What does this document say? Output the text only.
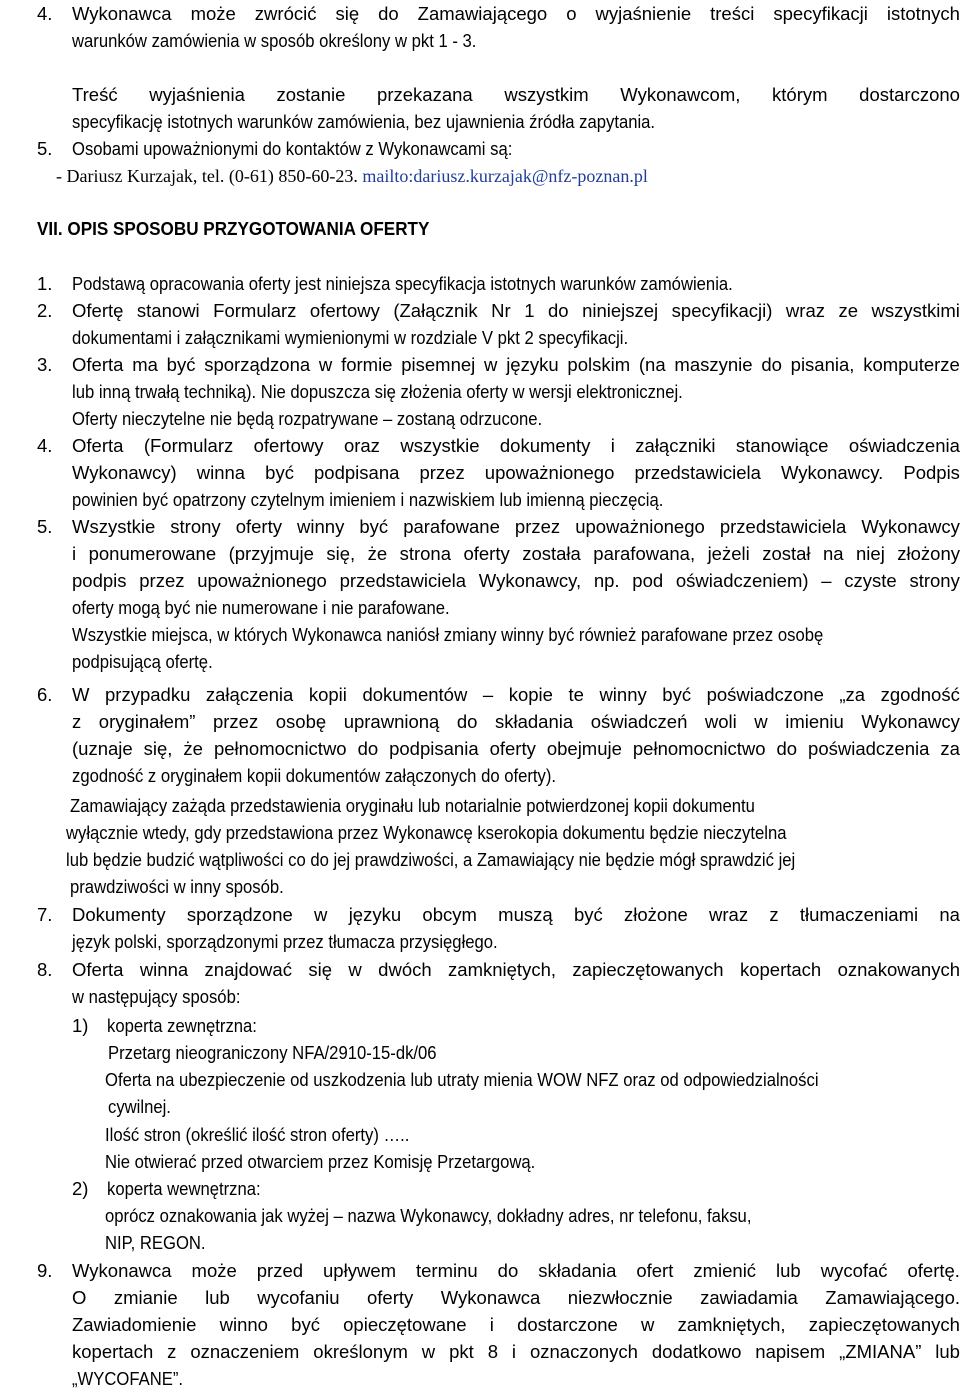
4. Wykonawca może zwrócić się do Zamawiającego o wyjaśnienie treści specyfikacji istotnych
warunków zamówienia w sposób określony w pkt 1 - 3.
Treść wyjaśnienia zostanie przekazana wszystkim Wykonawcom, którym dostarczono
specyfikację istotnych warunków zamówienia, bez ujawnienia źródła zapytania.
5. Osobami upoważnionymi do kontaktów z Wykonawcami są:
- Dariusz Kurzajak, tel. (0-61) 850-60-23. mailto:dariusz.kurzajak@nfz-poznan.pl
VII. OPIS SPOSOBU PRZYGOTOWANIA OFERTY
1. Podstawą opracowania oferty jest niniejsza specyfikacja istotnych warunków zamówienia.
2. Ofertę stanowi Formularz ofertowy (Załącznik Nr 1 do niniejszej specyfikacji) wraz ze wszystkimi
dokumentami i załącznikami wymienionymi w rozdziale V pkt 2 specyfikacji.
3. Oferta ma być sporządzona w formie pisemnej w języku polskim (na maszynie do pisania, komputerze
lub inną trwałą techniką). Nie dopuszcza się złożenia oferty w wersji elektronicznej.
Oferty nieczytelne nie będą rozpatrywane – zostaną odrzucone.
4. Oferta (Formularz ofertowy oraz wszystkie dokumenty i załączniki stanowiące oświadczenia
Wykonawcy) winna być podpisana przez upoważnionego przedstawiciela Wykonawcy. Podpis
powinien być opatrzony czytelnym imieniem i nazwiskiem lub imienną pieczęcią.
5. Wszystkie strony oferty winny być parafowane przez upoważnionego przedstawiciela Wykonawcy
i ponumerowane (przyjmuje się, że strona oferty została parafowana, jeżeli został na niej złożony
podpis przez upoważnionego przedstawiciela Wykonawcy, np. pod oświadczeniem) – czyste strony
oferty mogą być nie numerowane i nie parafowane.
Wszystkie miejsca, w których Wykonawca naniósł zmiany winny być również parafowane przez osobę
podpisującą ofertę.
6. W przypadku załączenia kopii dokumentów – kopie te winny być poświadczone „za zgodność
z oryginałem” przez osobę uprawnioną do składania oświadczeń woli w imieniu Wykonawcy
(uznaje się, że pełnomocnictwo do podpisania oferty obejmuje pełnomocnictwo do poświadczenia za
zgodność z oryginałem kopii dokumentów załączonych do oferty).
Zamawiający zażąda przedstawienia oryginału lub notarialnie potwierdzonej kopii dokumentu
wyłącznie wtedy, gdy przedstawiona przez Wykonawcę kserokopia dokumentu będzie nieczytelna
lub będzie budzić wątpliwości co do jej prawdziwości, a Zamawiający nie będzie mógł sprawdzić jej
prawdziwości w inny sposób.
7. Dokumenty sporządzone w języku obcym muszą być złożone wraz z tłumaczeniami na
język polski, sporządzonymi przez tłumacza przysięgłego.
8. Oferta winna znajdować się w dwóch zamkniętych, zapieczętowanych kopertach oznakowanych
w następujący sposób:
1) koperta zewnętrzna:
Przetarg nieograniczony NFA/2910-15-dk/06
Oferta na ubezpieczenie od uszkodzenia lub utraty mienia WOW NFZ oraz od odpowiedzialności
cywilnej.
Ilość stron (określić ilość stron oferty) …..
Nie otwierać przed otwarciem przez Komisję Przetargową.
2) koperta wewnętrzna:
oprócz oznakowania jak wyżej – nazwa Wykonawcy, dokładny adres, nr telefonu, faksu,
NIP, REGON.
9. Wykonawca może przed upływem terminu do składania ofert zmienić lub wycofać ofertę.
O zmianie lub wycofaniu oferty Wykonawca niezwłocznie zawiadamia Zamawiającego.
Zawiadomienie winno być opieczętowane i dostarczone w zamkniętych, zapieczętowanych
kopertach z oznaczeniem określonym w pkt 8 i oznaczonych dodatkowo napisem „ZMIANA” lub
„WYCOFANE”.
